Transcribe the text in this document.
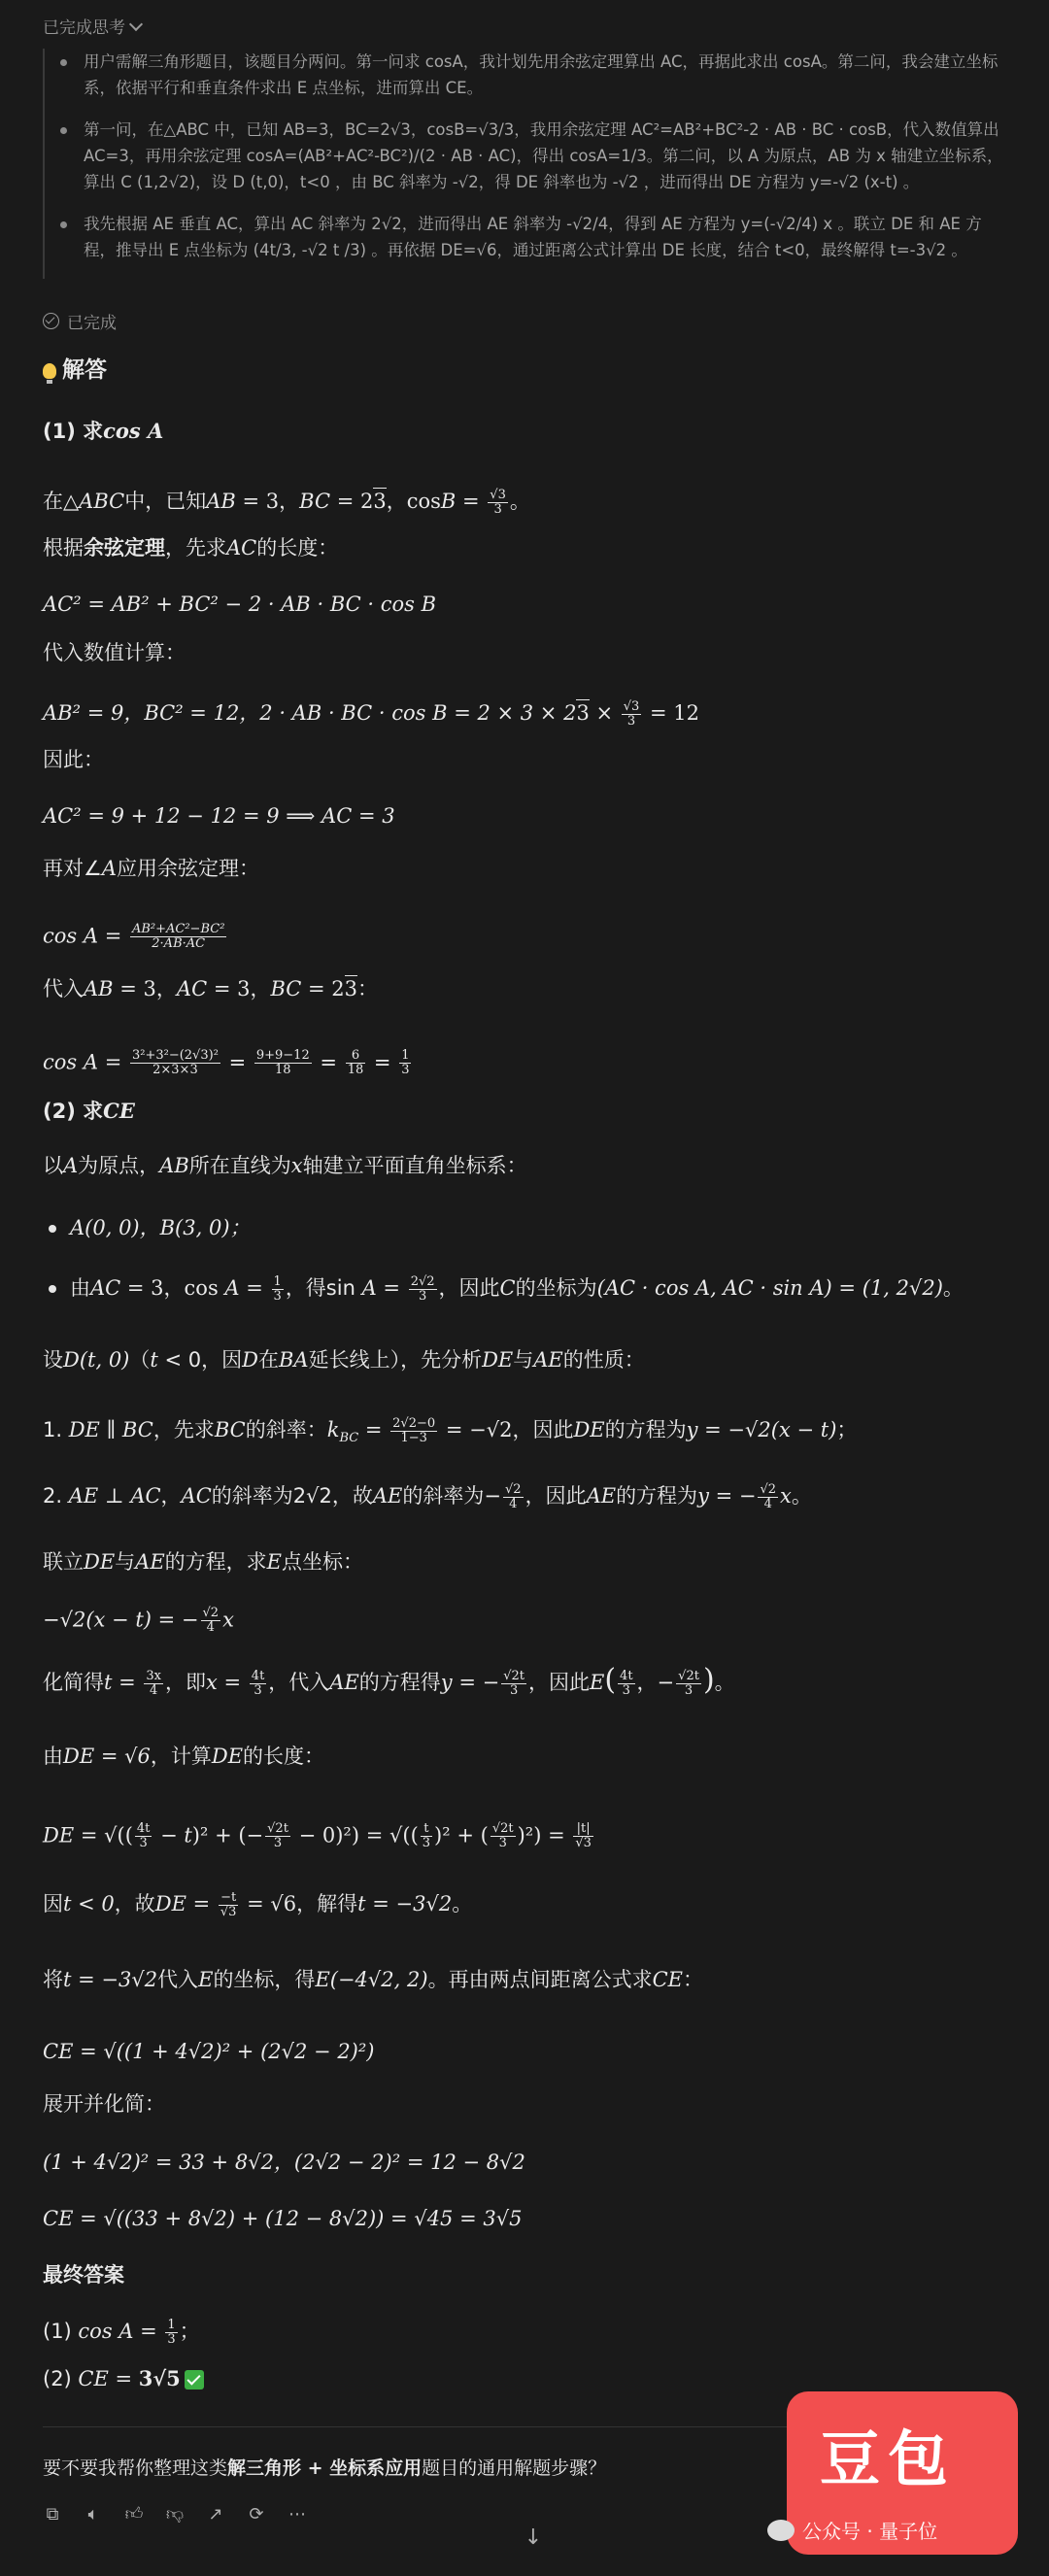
已完成思考
用户需解三角形题目，该题目分两问。第一问求 cosA，我计划先用余弦定理算出 AC，再据此求出 cosA。第二问，我会建立坐标系，依据平行和垂直条件求出 E 点坐标，进而算出 CE。
第一问，在△ABC 中，已知 AB=3，BC=2√3，cosB=√3/3，我用余弦定理 AC²=AB²+BC²-2 · AB · BC · cosB，代入数值算出 AC=3，再用余弦定理 cosA=(AB²+AC²-BC²)/(2 · AB · AC)，得出 cosA=1/3。第二问，以 A 为原点，AB 为 x 轴建立坐标系，算出 C (1,2√2)，设 D (t,0)，t<0 ，由 BC 斜率为 -√2，得 DE 斜率也为 -√2 ，进而得出 DE 方程为 y=-√2 (x-t) 。
我先根据 AE 垂直 AC，算出 AC 斜率为 2√2，进而得出 AE 斜率为 -√2/4，得到 AE 方程为 y=(-√2/4) x 。联立 DE 和 AE 方程，推导出 E 点坐标为 (4t/3, -√2 t /3) 。再依据 DE=√6，通过距离公式计算出 DE 长度，结合 t<0，最终解得 t=-3√2 。
已完成
解答
(1) 求cos A
在△ABC中，已知AB = 3，BC = 23，$\cos B = \frac{√3}{3}$ 。
根据余弦定理，先求AC的长度：
AC² = AB² + BC² − 2 · AB · BC · cos B
代入数值计算：
AB² = 9，BC² = 12，2 · AB · BC · $\cos B = 2 \times 3 \times 23 \times \frac{√3}{3} = 12$
因此：
AC² = 9 + 12 − 12 = 9 ⟹ AC = 3
再对∠A应用余弦定理：
$\cos A = \frac{\text{AB²+AC²−BC²}}{2\cdot AB\cdot AC}$
代入AB = 3，AC = 3，BC = 23：
$\cos A = \frac{\text{3²+3²−(2√3)²}}{2\times 3\times 3} = \frac{9+9-12}{18} = \frac{6}{18} = \frac{1}{3}$
(2) 求CE
以A为原点，AB所在直线为x轴建立平面直角坐标系：
A(0, 0)，B(3, 0)；
由AC = 3，$\cos A = \frac{1}{3}$ ，得$\sin A = \frac{2√2}{3}$ ，因此C的坐标为(AC · cos A, AC · sin A) = (1, 2√2)。
设D(t, 0)（t < 0，因D在BA延长线上），先分析DE与AE的性质：
1. DE ∥ BC，先求BC的斜率：$k_{BC} = \frac{2√2-0}{1-3} = -√2$，因此DE的方程为y = −√2(x − t)；
2. AE ⊥ AC，AC的斜率为2√2，故AE的斜率为− $\frac{√2}{4}$ ，因此AE的方程为y = − $\frac{√2}{4}$ x。
联立DE与AE的方程，求E点坐标：
−√2(x − t) = − $\frac{√2}{4}$ x
化简得$t = \frac{3x}{4}$ ，即$x = \frac{4t}{3}$ ，代入AE的方程得y = − $\frac{√2t}{3}$ ，因此$E( \frac{4t}{3}$ ，− $\frac{√2t}{3}$ )。
由DE = √6，计算DE的长度：
DE = √(( $\frac{4t}{3} - t)^2$ + (− $\frac{√2t}{3} - 0)^2$) = √(( $\frac{t}{3} )^2$ + ( $\frac{√2t}{3} )^2) = \frac{|t|}{√3}$
因t < 0，故DE = $\frac{-t}{√3} = √6$，解得t = −3√2。
将t = −3√2代入E的坐标，得E(−4√2, 2)。再由两点间距离公式求CE：
CE = √((1 + 4√2)² + (2√2 − 2)²)
展开并化简：
(1 + 4√2)² = 33 + 8√2，(2√2 − 2)² = 12 − 8√2
CE = √((33 + 8√2) + (12 − 8√2)) = √45 = 3√5
最终答案
(1) $\cos A = \frac{1}{3}$ ；
(2) CE = 3√5
要不要我帮你整理这类解三角形 + 坐标系应用题目的通用解题步骤？
⧉ 🔈︎ 👍︎ 👎︎ ↗ ⟳ ⋯
↓
豆包
公众号 · 量子位
